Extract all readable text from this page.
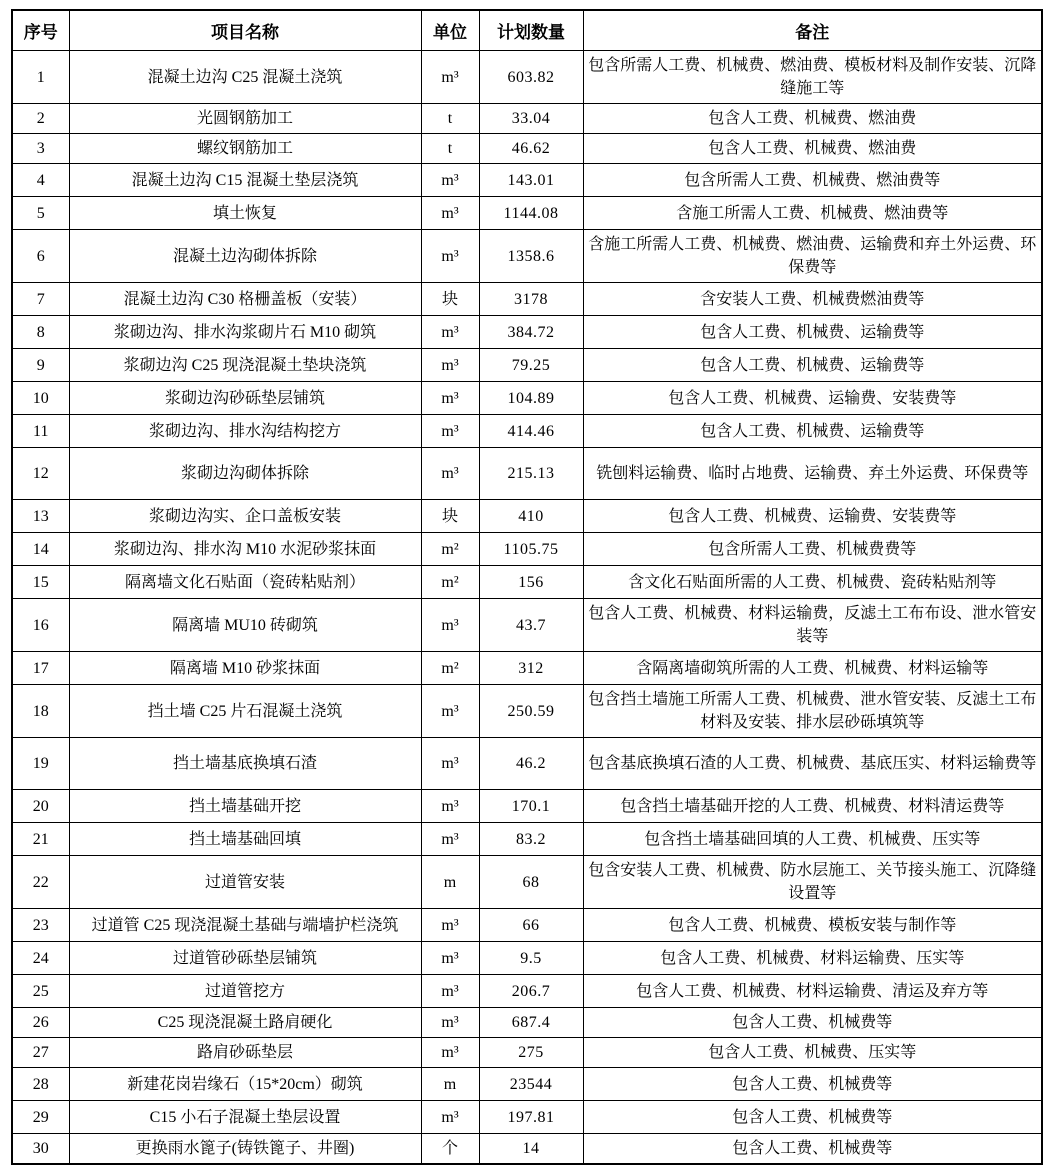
序号	项目名称	单位	计划数量	备注
1	混凝土边沟 C25 混凝土浇筑	m³	603.82	包含所需人工费、机械费、燃油费、模板材料及制作安装、沉降缝施工等
2	光圆钢筋加工	t	33.04	包含人工费、机械费、燃油费
3	螺纹钢筋加工	t	46.62	包含人工费、机械费、燃油费
4	混凝土边沟 C15 混凝土垫层浇筑	m³	143.01	包含所需人工费、机械费、燃油费等
5	填土恢复	m³	1144.08	含施工所需人工费、机械费、燃油费等
6	混凝土边沟砌体拆除	m³	1358.6	含施工所需人工费、机械费、燃油费、运输费和弃土外运费、环保费等
7	混凝土边沟 C30 格栅盖板（安装）	块	3178	含安装人工费、机械费燃油费等
8	浆砌边沟、排水沟浆砌片石 M10 砌筑	m³	384.72	包含人工费、机械费、运输费等
9	浆砌边沟 C25 现浇混凝土垫块浇筑	m³	79.25	包含人工费、机械费、运输费等
10	浆砌边沟砂砾垫层铺筑	m³	104.89	包含人工费、机械费、运输费、安装费等
11	浆砌边沟、排水沟结构挖方	m³	414.46	包含人工费、机械费、运输费等
12	浆砌边沟砌体拆除	m³	215.13	铣刨料运输费、临时占地费、运输费、弃土外运费、环保费等
13	浆砌边沟实、企口盖板安装	块	410	包含人工费、机械费、运输费、安装费等
14	浆砌边沟、排水沟 M10 水泥砂浆抹面	m²	1105.75	包含所需人工费、机械费费等
15	隔离墙文化石贴面（瓷砖粘贴剂）	m²	156	含文化石贴面所需的人工费、机械费、瓷砖粘贴剂等
16	隔离墙 MU10 砖砌筑	m³	43.7	包含人工费、机械费、材料运输费，反滤土工布布设、泄水管安装等
17	隔离墙 M10 砂浆抹面	m²	312	含隔离墙砌筑所需的人工费、机械费、材料运输等
18	挡土墙 C25 片石混凝土浇筑	m³	250.59	包含挡土墙施工所需人工费、机械费、泄水管安装、反滤土工布材料及安装、排水层砂砾填筑等
19	挡土墙基底换填石渣	m³	46.2	包含基底换填石渣的人工费、机械费、基底压实、材料运输费等
20	挡土墙基础开挖	m³	170.1	包含挡土墙基础开挖的人工费、机械费、材料清运费等
21	挡土墙基础回填	m³	83.2	包含挡土墙基础回填的人工费、机械费、压实等
22	过道管安装	m	68	包含安装人工费、机械费、防水层施工、关节接头施工、沉降缝设置等
23	过道管 C25 现浇混凝土基础与端墙护栏浇筑	m³	66	包含人工费、机械费、模板安装与制作等
24	过道管砂砾垫层铺筑	m³	9.5	包含人工费、机械费、材料运输费、压实等
25	过道管挖方	m³	206.7	包含人工费、机械费、材料运输费、清运及弃方等
26	C25 现浇混凝土路肩硬化	m³	687.4	包含人工费、机械费等
27	路肩砂砾垫层	m³	275	包含人工费、机械费、压实等
28	新建花岗岩缘石（15*20cm）砌筑	m	23544	包含人工费、机械费等
29	C15 小石子混凝土垫层设置	m³	197.81	包含人工费、机械费等
30	更换雨水篦子(铸铁篦子、井圈)	个	14	包含人工费、机械费等
